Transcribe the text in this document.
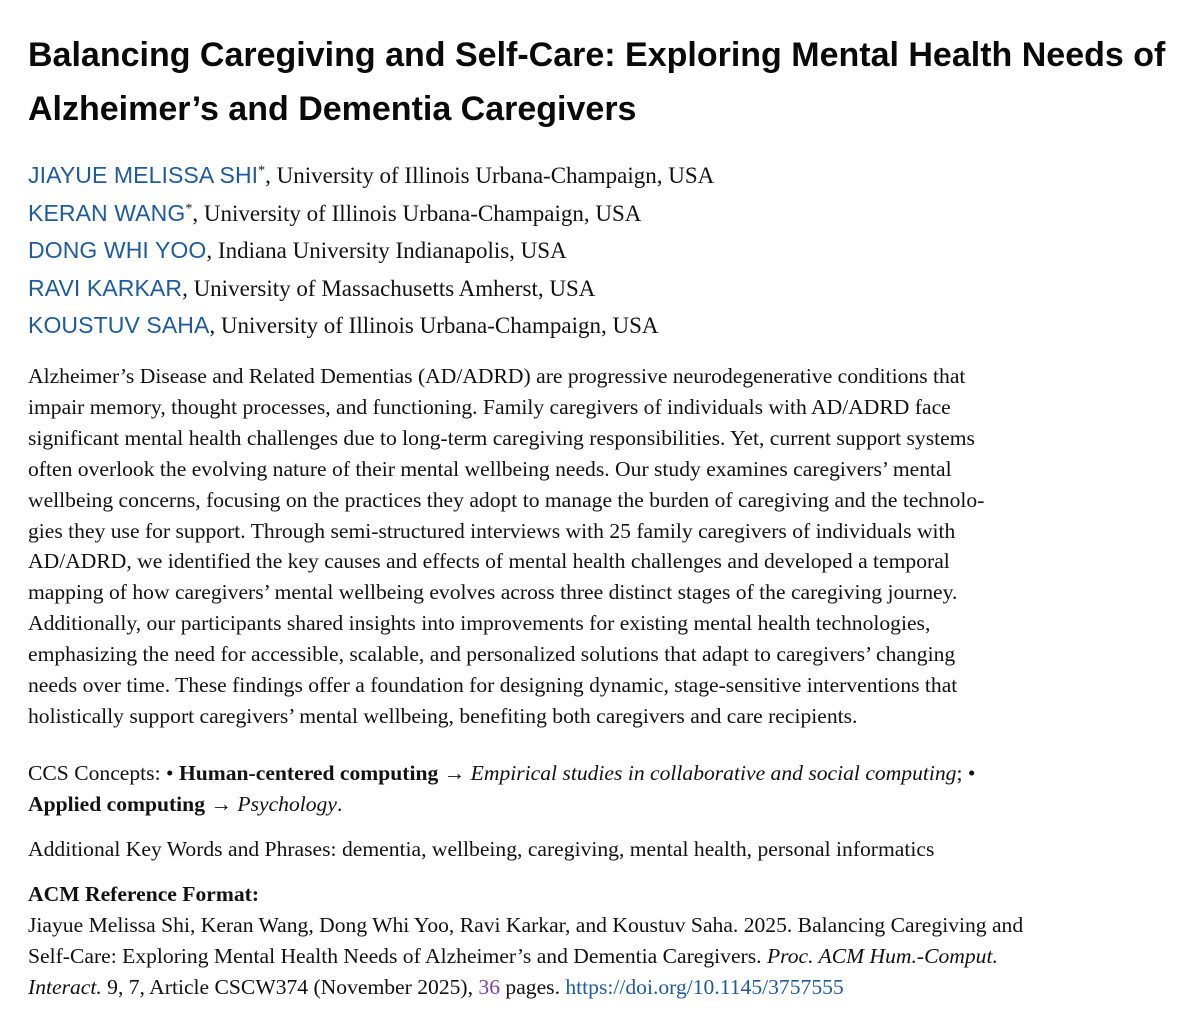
Balancing Caregiving and Self-Care: Exploring Mental Health Needs of Alzheimer’s and Dementia Caregivers
JIAYUE MELISSA SHI*, University of Illinois Urbana-Champaign, USA
KERAN WANG*, University of Illinois Urbana-Champaign, USA
DONG WHI YOO, Indiana University Indianapolis, USA
RAVI KARKAR, University of Massachusetts Amherst, USA
KOUSTUV SAHA, University of Illinois Urbana-Champaign, USA

Alzheimer’s Disease and Related Dementias (AD/ADRD) are progressive neurodegenerative conditions that
impair memory, thought processes, and functioning. Family caregivers of individuals with AD/ADRD face
significant mental health challenges due to long-term caregiving responsibilities. Yet, current support systems
often overlook the evolving nature of their mental wellbeing needs. Our study examines caregivers’ mental
wellbeing concerns, focusing on the practices they adopt to manage the burden of caregiving and the technolo-
gies they use for support. Through semi-structured interviews with 25 family caregivers of individuals with
AD/ADRD, we identified the key causes and effects of mental health challenges and developed a temporal
mapping of how caregivers’ mental wellbeing evolves across three distinct stages of the caregiving journey.
Additionally, our participants shared insights into improvements for existing mental health technologies,
emphasizing the need for accessible, scalable, and personalized solutions that adapt to caregivers’ changing
needs over time. These findings offer a foundation for designing dynamic, stage-sensitive interventions that
holistically support caregivers’ mental wellbeing, benefiting both caregivers and care recipients.

CCS Concepts: • Human-centered computing → Empirical studies in collaborative and social computing; •
Applied computing → Psychology.

Additional Key Words and Phrases: dementia, wellbeing, caregiving, mental health, personal informatics

ACM Reference Format:
Jiayue Melissa Shi, Keran Wang, Dong Whi Yoo, Ravi Karkar, and Koustuv Saha. 2025. Balancing Caregiving and
Self-Care: Exploring Mental Health Needs of Alzheimer’s and Dementia Caregivers. Proc. ACM Hum.-Comput.
Interact. 9, 7, Article CSCW374 (November 2025), 36 pages. https://doi.org/10.1145/3757555
